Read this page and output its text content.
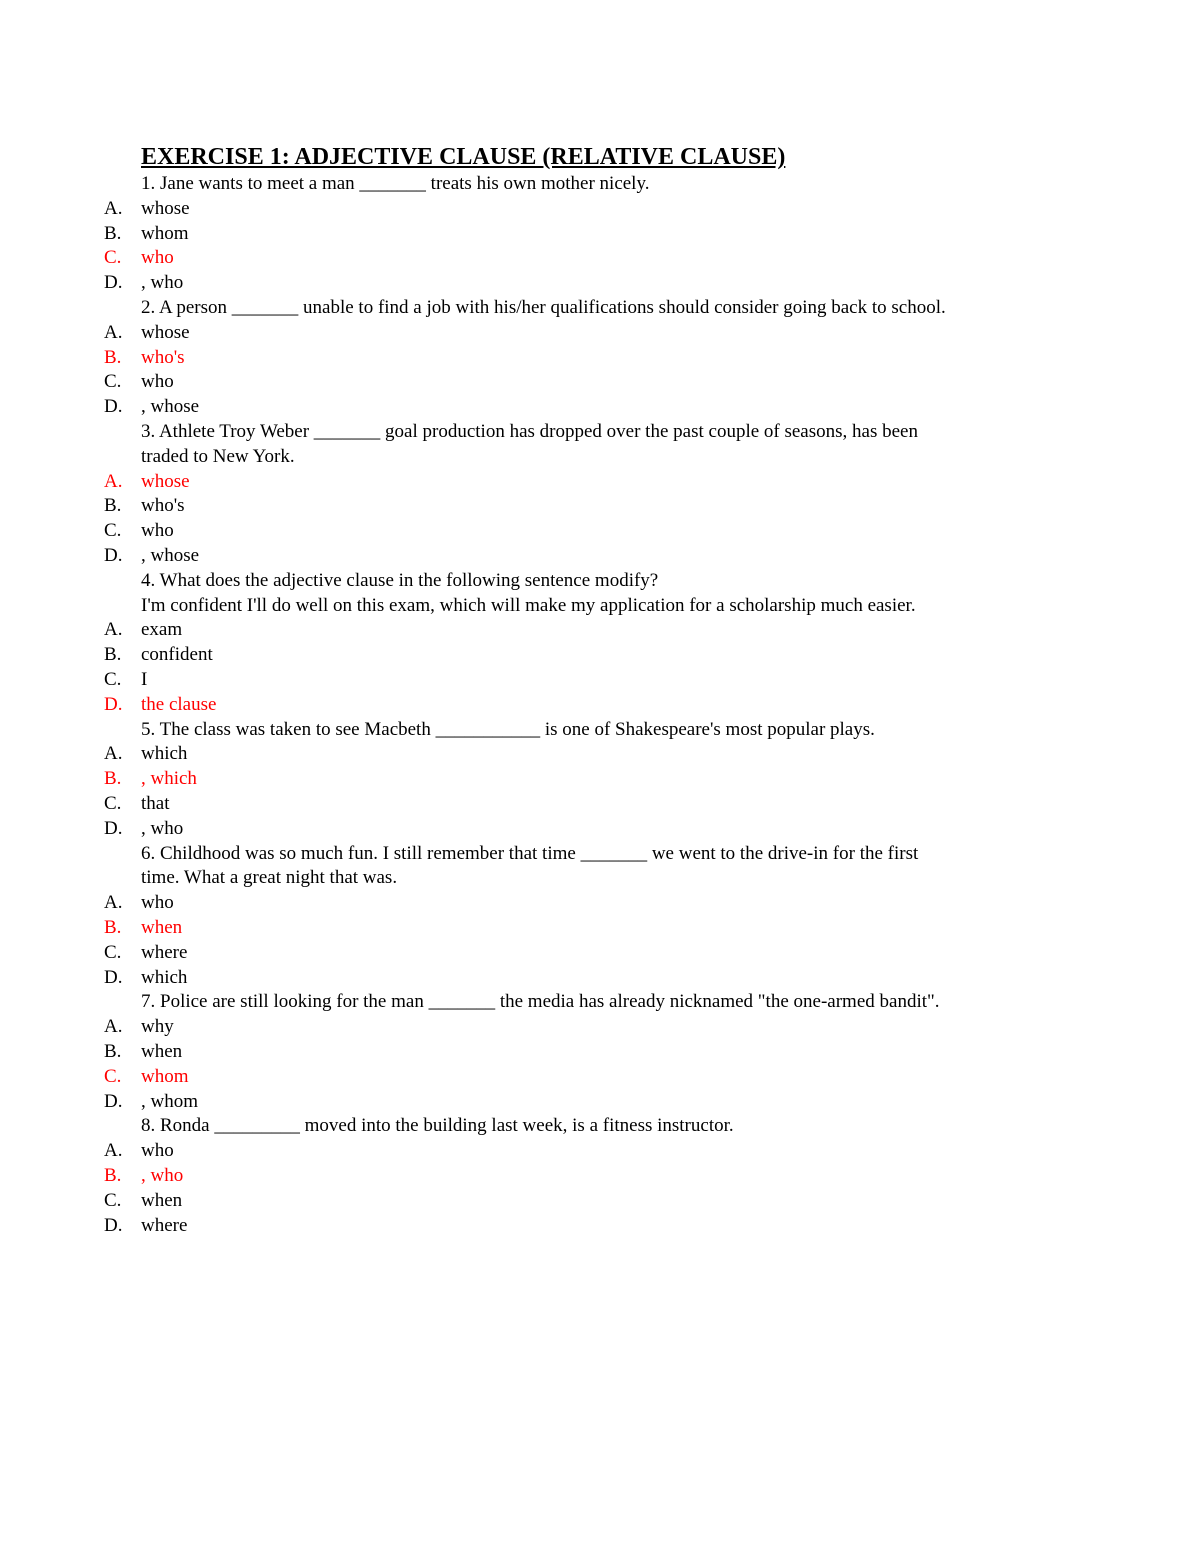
EXERCISE 1: ADJECTIVE CLAUSE (RELATIVE CLAUSE)
1. Jane wants to meet a man _______ treats his own mother nicely.
A. whose
B. whom
C. who
D. , who
2. A person _______ unable to find a job with his/her qualifications should consider going back to school.
A. whose
B. who's
C. who
D. , whose
3. Athlete Troy Weber _______ goal production has dropped over the past couple of seasons, has been
traded to New York.
A. whose
B. who's
C. who
D. , whose
4. What does the adjective clause in the following sentence modify?
I'm confident I'll do well on this exam, which will make my application for a scholarship much easier.
A. exam
B. confident
C. I
D. the clause
5. The class was taken to see Macbeth ___________ is one of Shakespeare's most popular plays.
A. which
B. , which
C. that
D. , who
6. Childhood was so much fun. I still remember that time _______ we went to the drive-in for the first
time. What a great night that was.
A. who
B. when
C. where
D. which
7. Police are still looking for the man _______ the media has already nicknamed "the one-armed bandit".
A. why
B. when
C. whom
D. , whom
8. Ronda _________ moved into the building last week, is a fitness instructor.
A. who
B. , who
C. when
D. where
